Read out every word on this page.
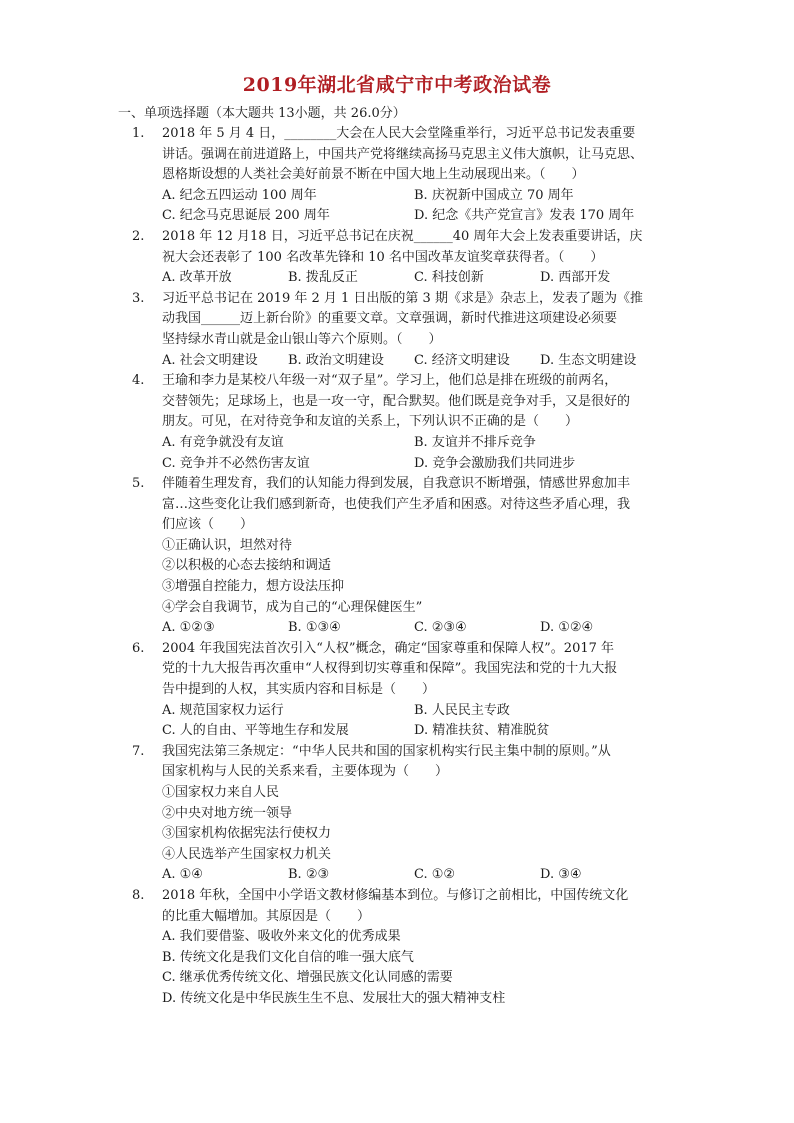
2019年湖北省咸宁市中考政治试卷
一、单项选择题（本大题共 13小题，共 26.0分）
1.	2018 年 5 月 4 日，________大会在人民大会堂隆重举行，习近平总书记发表重要
讲话。强调在前进道路上，中国共产党将继续高扬马克思主义伟大旗帜，让马克思、
恩格斯设想的人类社会美好前景不断在中国大地上生动展现出来。（　　）
A. 纪念五四运动 100 周年	B. 庆祝新中国成立 70 周年
C. 纪念马克思诞辰 200 周年	D. 纪念《共产党宣言》发表 170 周年
2.	2018 年 12 月18 日，习近平总书记在庆祝______40 周年大会上发表重要讲话，庆
祝大会还表彰了 100 名改革先锋和 10 名中国改革友谊奖章获得者。（　　）
A. 改革开放	B. 拨乱反正	C. 科技创新	D. 西部开发
3.	习近平总书记在 2019 年 2 月 1 日出版的第 3 期《求是》杂志上，发表了题为《推
动我国______迈上新台阶》的重要文章。文章强调，新时代推进这项建设必须要
坚持绿水青山就是金山银山等六个原则。（　　）
A. 社会文明建设	B. 政治文明建设	C. 经济文明建设	D. 生态文明建设
4.	王瑜和李力是某校八年级一对“双子星”。学习上，他们总是排在班级的前两名，
交替领先；足球场上，也是一攻一守，配合默契。他们既是竞争对手，又是很好的
朋友。可见，在对待竞争和友谊的关系上，下列认识不正确的是（　　）
A. 有竞争就没有友谊	B. 友谊并不排斥竞争
C. 竞争并不必然伤害友谊	D. 竞争会激励我们共同进步
5.	伴随着生理发育，我们的认知能力得到发展，自我意识不断增强，情感世界愈加丰
富…这些变化让我们感到新奇，也使我们产生矛盾和困惑。对待这些矛盾心理，我
们应该（　　）
①正确认识，坦然对待
②以积极的心态去接纳和调适
③增强自控能力，想方设法压抑
④学会自我调节，成为自己的“心理保健医生”
A. ①②③	B. ①③④	C. ②③④	D. ①②④
6.	2004 年我国宪法首次引入“人权”概念，确定“国家尊重和保障人权”。2017 年
党的十九大报告再次重申“人权得到切实尊重和保障”。我国宪法和党的十九大报
告中提到的人权，其实质内容和目标是（　　）
A. 规范国家权力运行	B. 人民民主专政
C. 人的自由、平等地生存和发展	D. 精准扶贫、精准脱贫
7.	我国宪法第三条规定：“中华人民共和国的国家机构实行民主集中制的原则。”从
国家机构与人民的关系来看，主要体现为（　　）
①国家权力来自人民
②中央对地方统一领导
③国家机构依据宪法行使权力
④人民选举产生国家权力机关
A. ①④	B. ②③	C. ①②	D. ③④
8.	2018 年秋，全国中小学语文教材修编基本到位。与修订之前相比，中国传统文化
的比重大幅增加。其原因是（　　）
A. 我们要借鉴、吸收外来文化的优秀成果
B. 传统文化是我们文化自信的唯一强大底气
C. 继承优秀传统文化、增强民族文化认同感的需要
D. 传统文化是中华民族生生不息、发展壮大的强大精神支柱
